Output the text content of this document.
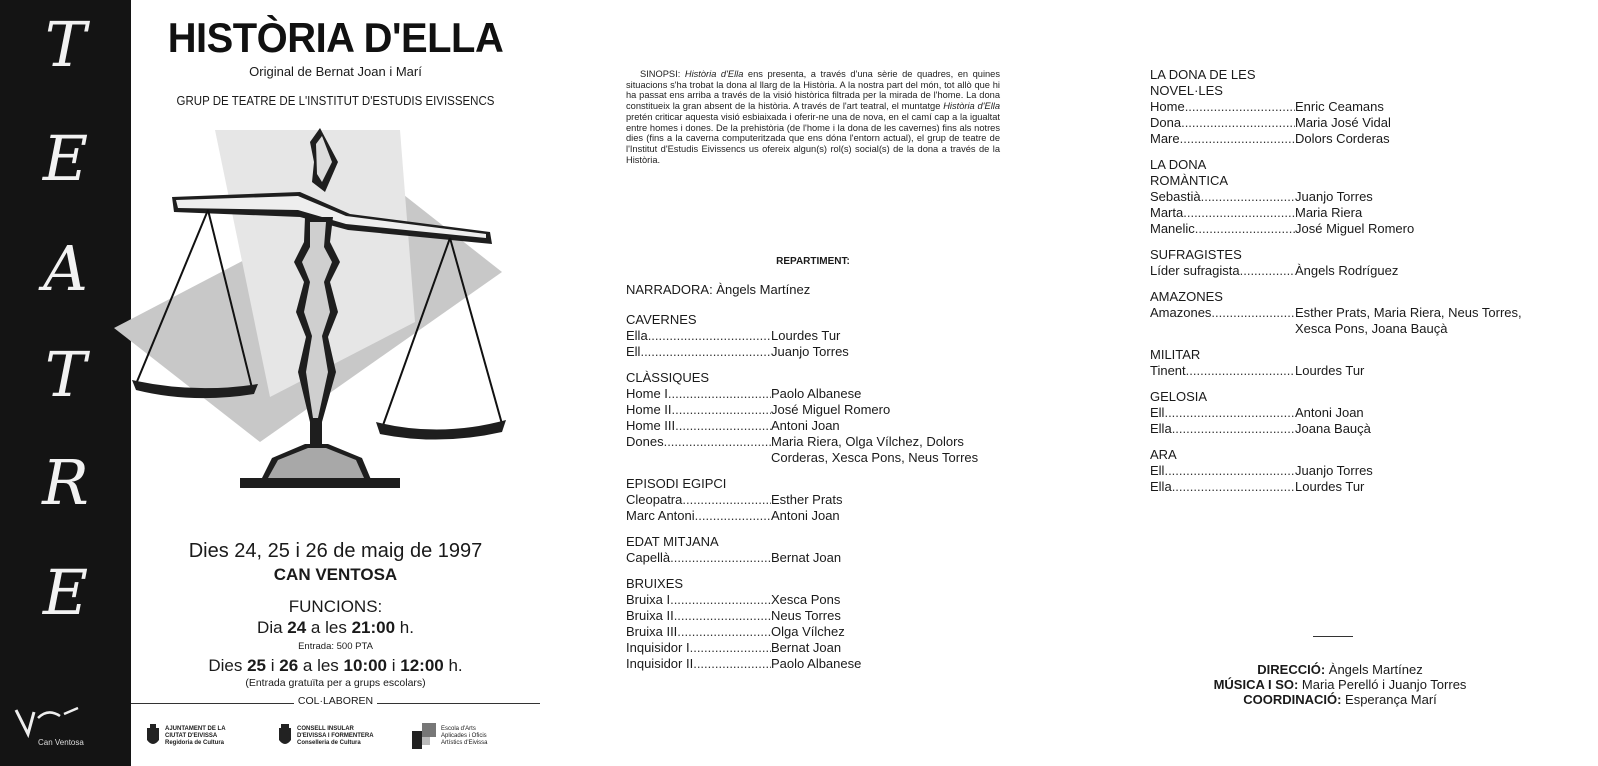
T
E
A
T
R
E
Can Ventosa
HISTÒRIA D'ELLA
Original de Bernat Joan i Marí
GRUP DE TEATRE DE L'INSTITUT D'ESTUDIS EIVISSENCS
Dies 24, 25 i 26 de maig de 1997
CAN VENTOSA
FUNCIONS:
Dia 24 a les 21:00 h.
Entrada: 500 PTA
Dies 25 i 26 a les 10:00 i 12:00 h.
(Entrada gratuïta per a grups escolars)
COL·LABOREN
AJUNTAMENT DE LA
CIUTAT D'EIVISSA
Regidoria de Cultura
CONSELL INSULAR
D'EIVISSA I FORMENTERA
Conselleria de Cultura
Escola d'Arts
Aplicades i Oficis
Artístics d'Eivissa
SINOPSI: Història d'Ella ens presenta, a través d'una sèrie de quadres, en quines situacions s'ha trobat la dona al llarg de la Història. A la nostra part del món, tot allò que hi ha passat ens arriba a través de la visió històrica filtrada per la mirada de l'home. La dona constitueix la gran absent de la història. A través de l'art teatral, el muntatge Història d'Ella pretén criticar aquesta visió esbiaixada i oferir-ne una de nova, en el camí cap a la igualtat entre homes i dones. De la prehistòria (de l'home i la dona de les cavernes) fins als notres dies (fins a la caverna computeritzada que ens dóna l'entorn actual), el grup de teatre de l'Institut d'Estudis Eivissencs us ofereix algun(s) rol(s) social(s) de la dona a través de la Història.
REPARTIMENT:
NARRADORA: Àngels Martínez
CAVERNES
Ella .....	Lourdes Tur
Ell .....	Juanjo Torres
CLÀSSIQUES
Home I .....	Paolo Albanese
Home II .....	José Miguel Romero
Home III .....	Antoni Joan
Dones .....	Maria Riera, Olga Vílchez, Dolors Corderas, Xesca Pons, Neus Torres
EPISODI EGIPCI
Cleopatra .....	Esther Prats
Marc Antoni .....	Antoni Joan
EDAT MITJANA
Capellà .....	Bernat Joan
BRUIXES
Bruixa I .....	Xesca Pons
Bruixa II .....	Neus Torres
Bruixa III .....	Olga Vílchez
Inquisidor I .....	Bernat Joan
Inquisidor II .....	Paolo Albanese
LA DONA DE LES NOVEL·LES
Home .....	Enric Ceamans
Dona .....	Maria José Vidal
Mare .....	Dolors Corderas
LA DONA ROMÀNTICA
Sebastià .....	Juanjo Torres
Marta .....	Maria Riera
Manelic .....	José Miguel Romero
SUFRAGISTES
Líder sufragista .....	Àngels Rodríguez
AMAZONES
Amazones .....	Esther Prats, Maria Riera, Neus Torres, Xesca Pons, Joana Bauçà
MILITAR
Tinent .....	Lourdes Tur
GELOSIA
Ell .....	Antoni Joan
Ella .....	Joana Bauçà
ARA
Ell .....	Juanjo Torres
Ella .....	Lourdes Tur
DIRECCIÓ: Àngels Martínez
MÚSICA I SO: Maria Perelló i Juanjo Torres
COORDINACIÓ: Esperança Marí
